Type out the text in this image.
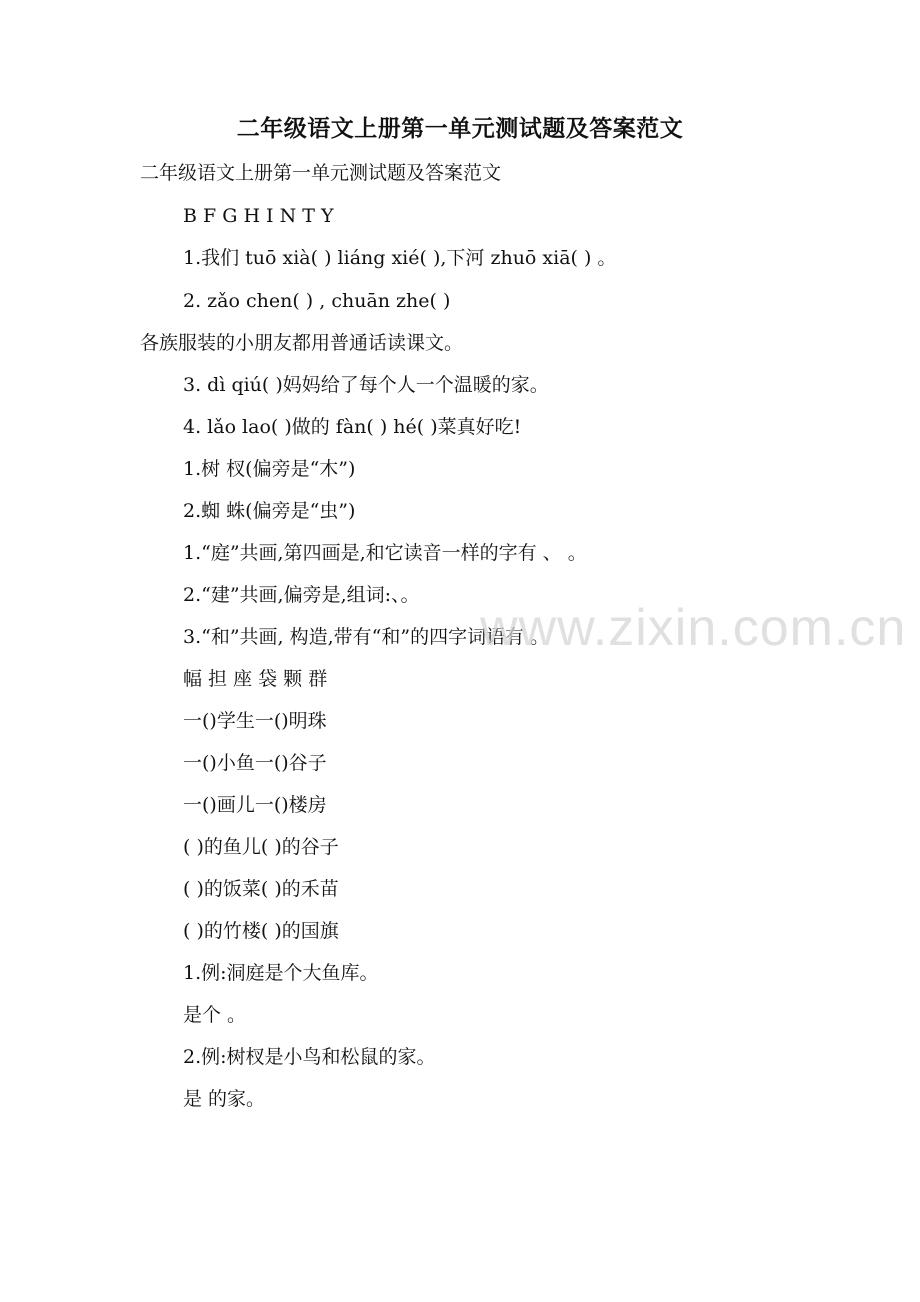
二年级语文上册第一单元测试题及答案范文
二年级语文上册第一单元测试题及答案范文
B F G H I N T Y
1.我们 tuō xià( ) liáng xié( ),下河 zhuō xiā( ) 。
2. zǎo chen( ) , chuān zhe( )
各族服装的小朋友都用普通话读课文。
3. dì qiú( )妈妈给了每个人一个温暖的家。
4. lǎo lao( )做的 fàn( ) hé( )菜真好吃!
1.树 杈(偏旁是“木”)
2.蜘 蛛(偏旁是“虫”)
1.“庭”共画,第四画是,和它读音一样的字有 、 。
2.“建”共画,偏旁是,组词:、。
3.“和”共画, 构造,带有“和”的四字词语有 。
幅 担 座 袋 颗 群
一()学生一()明珠
一()小鱼一()谷子
一()画儿一()楼房
( )的鱼儿( )的谷子
( )的饭菜( )的禾苗
( )的竹楼( )的国旗
1.例:洞庭是个大鱼库。
是个 。
2.例:树杈是小鸟和松鼠的家。
是 的家。
www.zixin.com.cn
